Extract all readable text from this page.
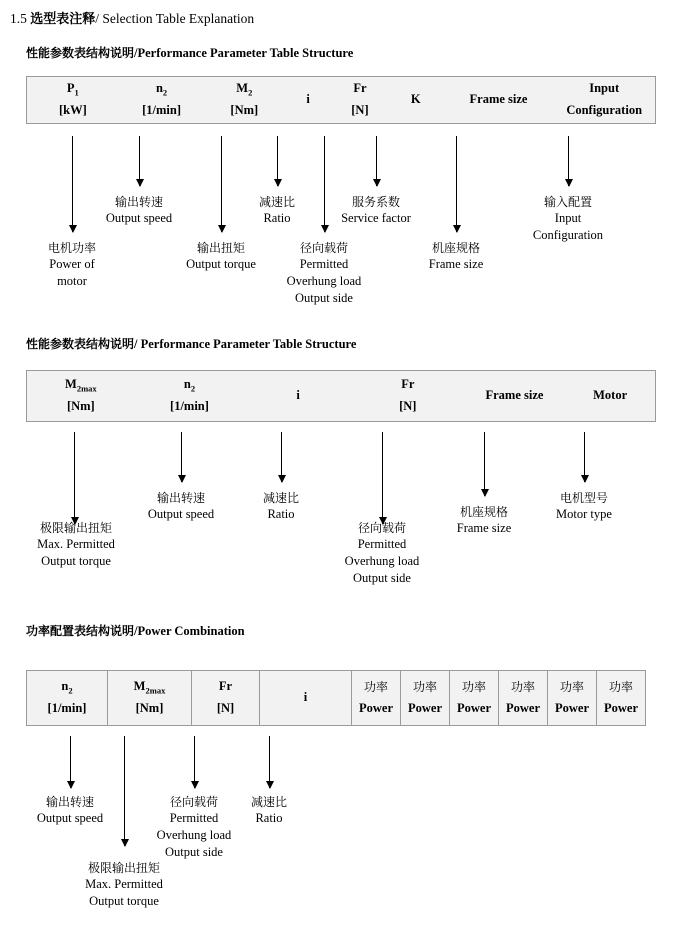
1.5 选型表注释/ Selection Table Explanation
性能参数表结构说明/Performance Parameter Table Structure
$P_1$
[kW]
$n_2$
[1/min]
$M_2$
[Nm]
i
Fr
[N]
K	Frame size
Input
Configuration
电机功率
Power of
motor
输出转速
Output speed
输出扭矩
Output torque
减速比
Ratio
径向载荷
Permitted
Overhung load
Output side
服务系数
Service factor
机座规格
Frame size
输入配置
Input
Configuration
性能参数表结构说明/ Performance Parameter Table Structure
$M_{2max}$
[Nm]
$n_2$
[1/min]
i
Fr
[N]
Frame size	Motor
极限输出扭矩
Max. Permitted
Output torque
输出转速
Output speed
减速比
Ratio
径向载荷
Permitted
Overhung load
Output side
机座规格
Frame size
电机型号
Motor type
功率配置表结构说明/Power Combination
$n_2$
[1/min]
$M_{2max}$
[Nm]
Fr
[N]
i
功率
Power
功率
Power
功率
Power
功率
Power
功率
Power
功率
Power
输出转速
Output speed
极限输出扭矩
Max. Permitted
Output torque
径向载荷
Permitted
Overhung load
Output side
减速比
Ratio
